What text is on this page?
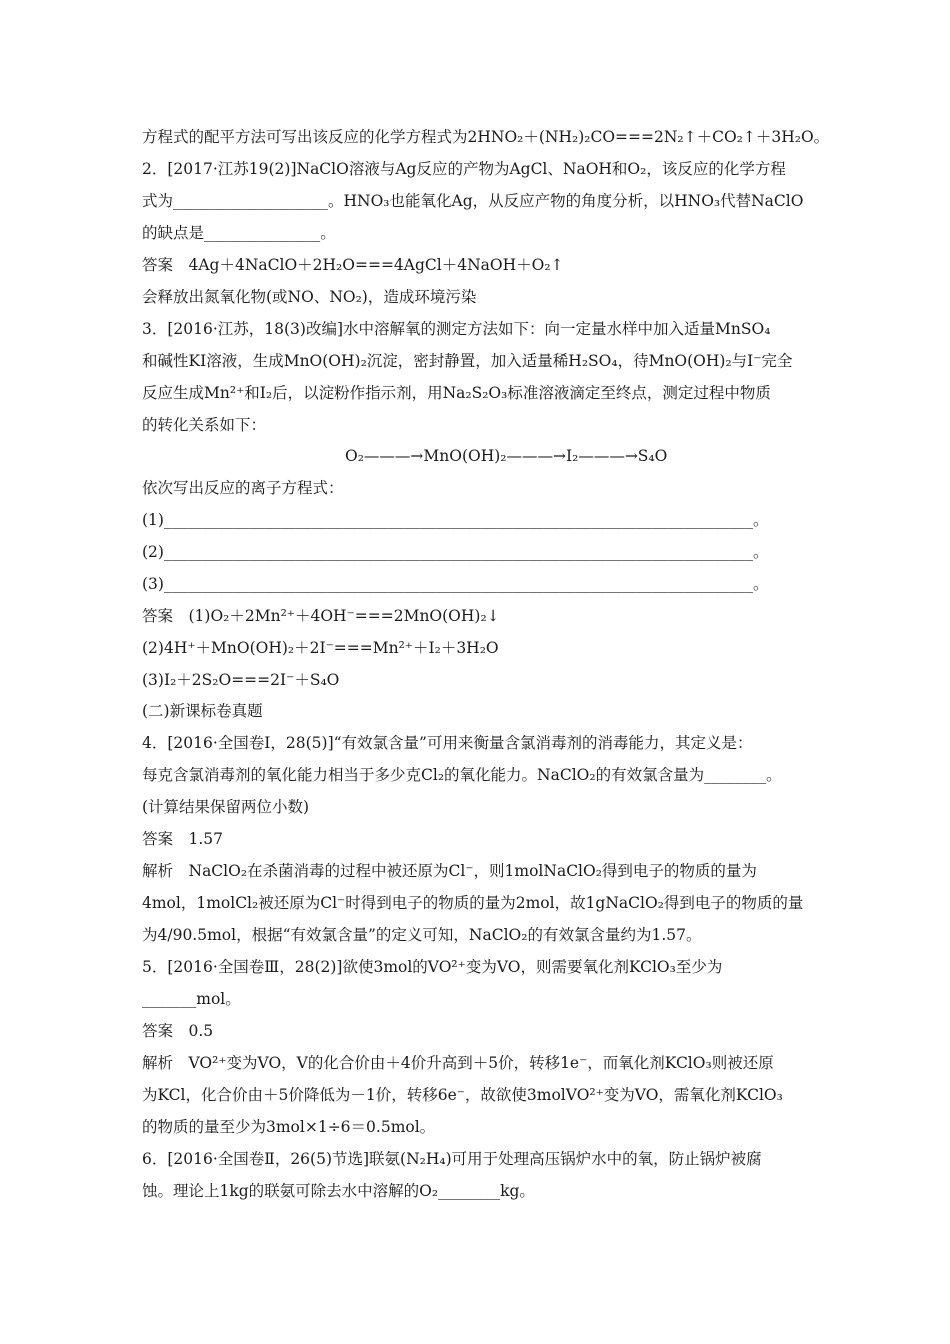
方程式的配平方法可写出该反应的化学方程式为2HNO₂＋(NH₂)₂CO===2N₂↑＋CO₂↑＋3H₂O。
2．[2017·江苏19(2)]NaClO溶液与Ag反应的产物为AgCl、NaOH和O₂，该反应的化学方程
式为____________________。HNO₃也能氧化Ag，从反应产物的角度分析，以HNO₃代替NaClO
的缺点是_______________。
答案　4Ag＋4NaClO＋2H₂O===4AgCl＋4NaOH＋O₂↑
会释放出氮氧化物(或NO、NO₂)，造成环境污染
3．[2016·江苏，18(3)改编]水中溶解氧的测定方法如下：向一定量水样中加入适量MnSO₄
和碱性KI溶液，生成MnO(OH)₂沉淀，密封静置，加入适量稀H₂SO₄，待MnO(OH)₂与I⁻完全
反应生成Mn²⁺和I₂后，以淀粉作指示剂，用Na₂S₂O₃标准溶液滴定至终点，测定过程中物质
的转化关系如下：
O₂———→MnO(OH)₂———→I₂———→S₄O
依次写出反应的离子方程式：
(1)____________________________________________________________________________。
(2)____________________________________________________________________________。
(3)____________________________________________________________________________。
答案　(1)O₂＋2Mn²⁺＋4OH⁻===2MnO(OH)₂↓
(2)4H⁺＋MnO(OH)₂＋2I⁻===Mn²⁺＋I₂＋3H₂O
(3)I₂＋2S₂O===2I⁻＋S₄O
(二)新课标卷真题
4．[2016·全国卷Ⅰ，28(5)]“有效氯含量”可用来衡量含氯消毒剂的消毒能力，其定义是：
每克含氯消毒剂的氧化能力相当于多少克Cl₂的氧化能力。NaClO₂的有效氯含量为________。
(计算结果保留两位小数)
答案　1.57
解析　NaClO₂在杀菌消毒的过程中被还原为Cl⁻，则1molNaClO₂得到电子的物质的量为
4mol，1molCl₂被还原为Cl⁻时得到电子的物质的量为2mol，故1gNaClO₂得到电子的物质的量
为4/90.5mol，根据“有效氯含量”的定义可知，NaClO₂的有效氯含量约为1.57。
5．[2016·全国卷Ⅲ，28(2)]欲使3mol的VO²⁺变为VO，则需要氧化剂KClO₃至少为
_______mol。
答案　0.5
解析　VO²⁺变为VO，V的化合价由＋4价升高到＋5价，转移1e⁻，而氧化剂KClO₃则被还原
为KCl，化合价由＋5价降低为－1价，转移6e⁻，故欲使3molVO²⁺变为VO，需氧化剂KClO₃
的物质的量至少为3mol×1÷6＝0.5mol。
6．[2016·全国卷Ⅱ，26(5)节选]联氨(N₂H₄)可用于处理高压锅炉水中的氧，防止锅炉被腐
蚀。理论上1kg的联氨可除去水中溶解的O₂________kg。
